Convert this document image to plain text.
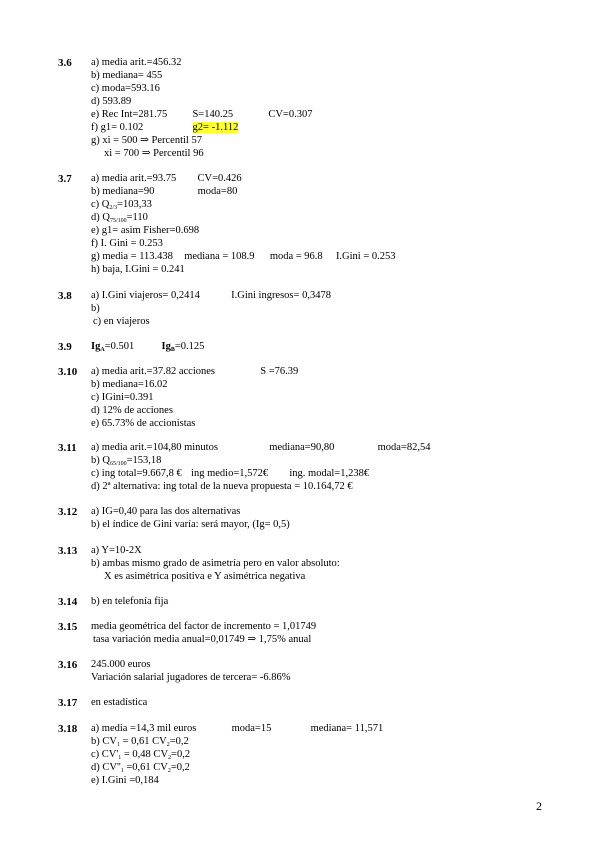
3.6 a) media arit.=456.32
b) mediana= 455
c) moda=593.16
d) 593.89
e) Rec Int=281.75 S=140.25	CV=0.307
f) g1= 0.102	g2= -1.112
g) xi = 500 ⇒ Percentil 57
xi = 700 ⇒ Percentil 96
3.7 a) media arit.=93.75 CV=0.426
b) mediana=90	moda=80
c) $Q_{2/3}=103,33$
d) $Q_{75/100}=110$
e) g1= asim Fisher=0.698
f) I. Gini = 0.253
g) media = 113.438 mediana = 108.9 moda = 96.8 I.Gini = 0.253
h) baja, I.Gini = 0.241
3.8 a) I.Gini viajeros= 0,2414	I.Gini ingresos= 0,3478
b)
c) en viajeros
3.9 $Ig_A=0.501$	$Ig_B=0.125$
3.10 a) media arit.=37.82 acciones	S =76.39
b) mediana=16.02
c) IGini=0.391
d) 12% de acciones
e) 65.73% de accionistas
3.11 a) media arit.=104,80 minutos	mediana=90,80	moda=82,54
b) $Q_{65/100}=153,18$
c) ing total=9.667,8 € ing medio=1,572€ ing. modal=1,238€
d) 2ª alternativa: ing total de la nueva propuesta = 10.164,72 €
3.12 a) IG=0,40 para las dos alternativas
b) el índice de Gini varía: será mayor, (Ig= 0,5)
3.13 a) Y=10-2X
b) ambas mismo grado de asimetría pero en valor absoluto:
X es asimétrica positiva e Y asimétrica negativa
3.14 b) en telefonía fija
3.15 media geométrica del factor de incremento = 1,01749
tasa variación media anual=0,01749 ⇒ 1,75% anual
3.16 245.000 euros
Variación salarial jugadores de tercera= -6.86%
3.17 en estadística
3.18 a) media =14,3 mil euros	moda=15	mediana= 11,571
b) $CV_1 = 0,61$ $CV_2=0,2$
c) $CV'_1 = 0,48$ $CV_2=0,2$
d) $CV''_1 =0,61$ $CV_2=0,2$
e) I.Gini =0,184
2
